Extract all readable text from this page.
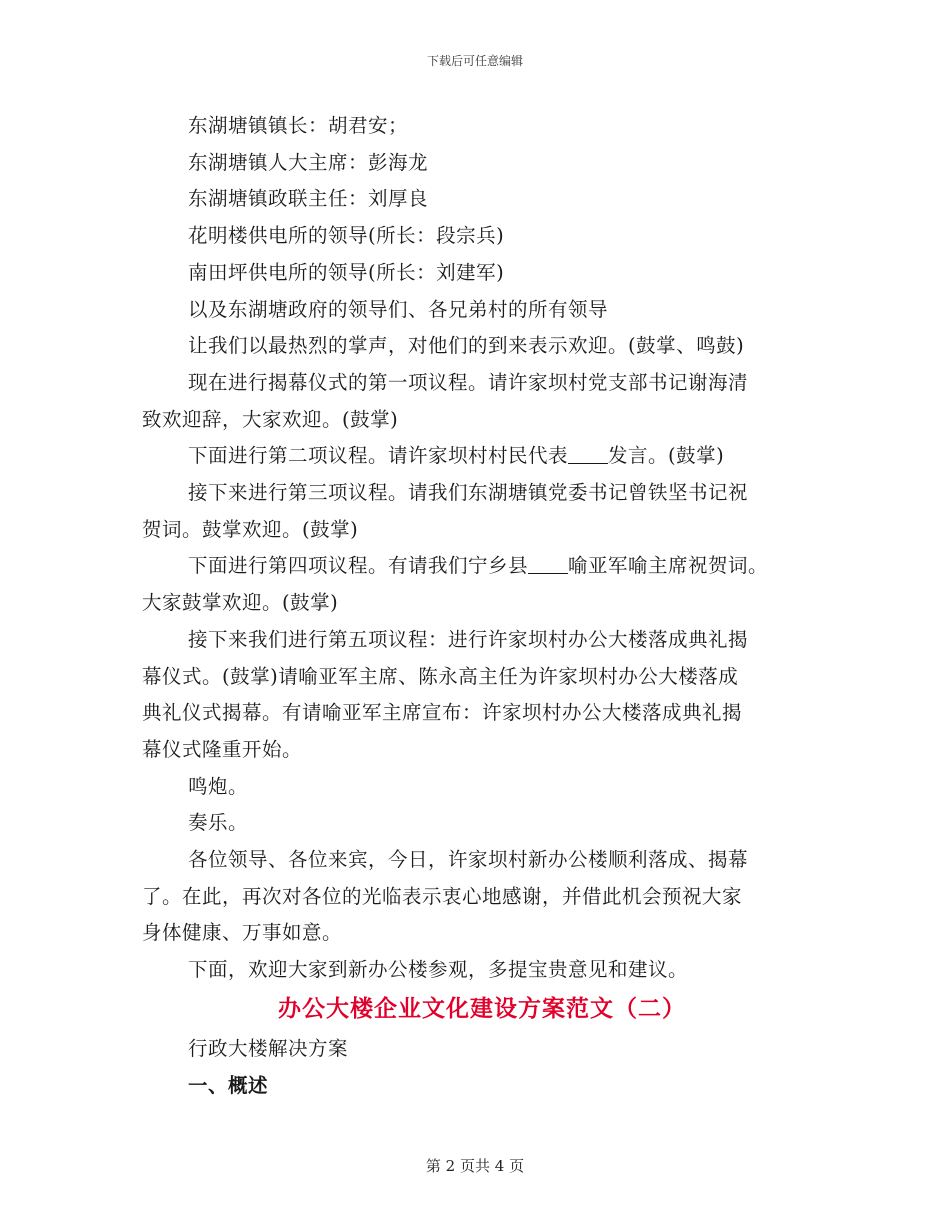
下载后可任意编辑

东湖塘镇镇长：胡君安；

东湖塘镇人大主席：彭海龙

东湖塘镇政联主任：刘厚良

花明楼供电所的领导(所长：段宗兵)

南田坪供电所的领导(所长：刘建军)

以及东湖塘政府的领导们、各兄弟村的所有领导

让我们以最热烈的掌声，对他们的到来表示欢迎。(鼓掌、鸣鼓)

现在进行揭幕仪式的第一项议程。请许家坝村党支部书记谢海清
致欢迎辞，大家欢迎。(鼓掌)

下面进行第二项议程。请许家坝村村民代表 发言。(鼓掌)

接下来进行第三项议程。请我们东湖塘镇党委书记曾铁坚书记祝
贺词。鼓掌欢迎。(鼓掌)

下面进行第四项议程。有请我们宁乡县 喻亚军喻主席祝贺词。
大家鼓掌欢迎。(鼓掌)

接下来我们进行第五项议程：进行许家坝村办公大楼落成典礼揭
幕仪式。(鼓掌)请喻亚军主席、陈永高主任为许家坝村办公大楼落成
典礼仪式揭幕。有请喻亚军主席宣布：许家坝村办公大楼落成典礼揭
幕仪式隆重开始。

鸣炮。

奏乐。

各位领导、各位来宾，今日，许家坝村新办公楼顺利落成、揭幕
了。在此，再次对各位的光临表示衷心地感谢，并借此机会预祝大家
身体健康、万事如意。

下面，欢迎大家到新办公楼参观，多提宝贵意见和建议。

办公大楼企业文化建设方案范文（二）

行政大楼解决方案

一、概述

第 2 页共 4 页
